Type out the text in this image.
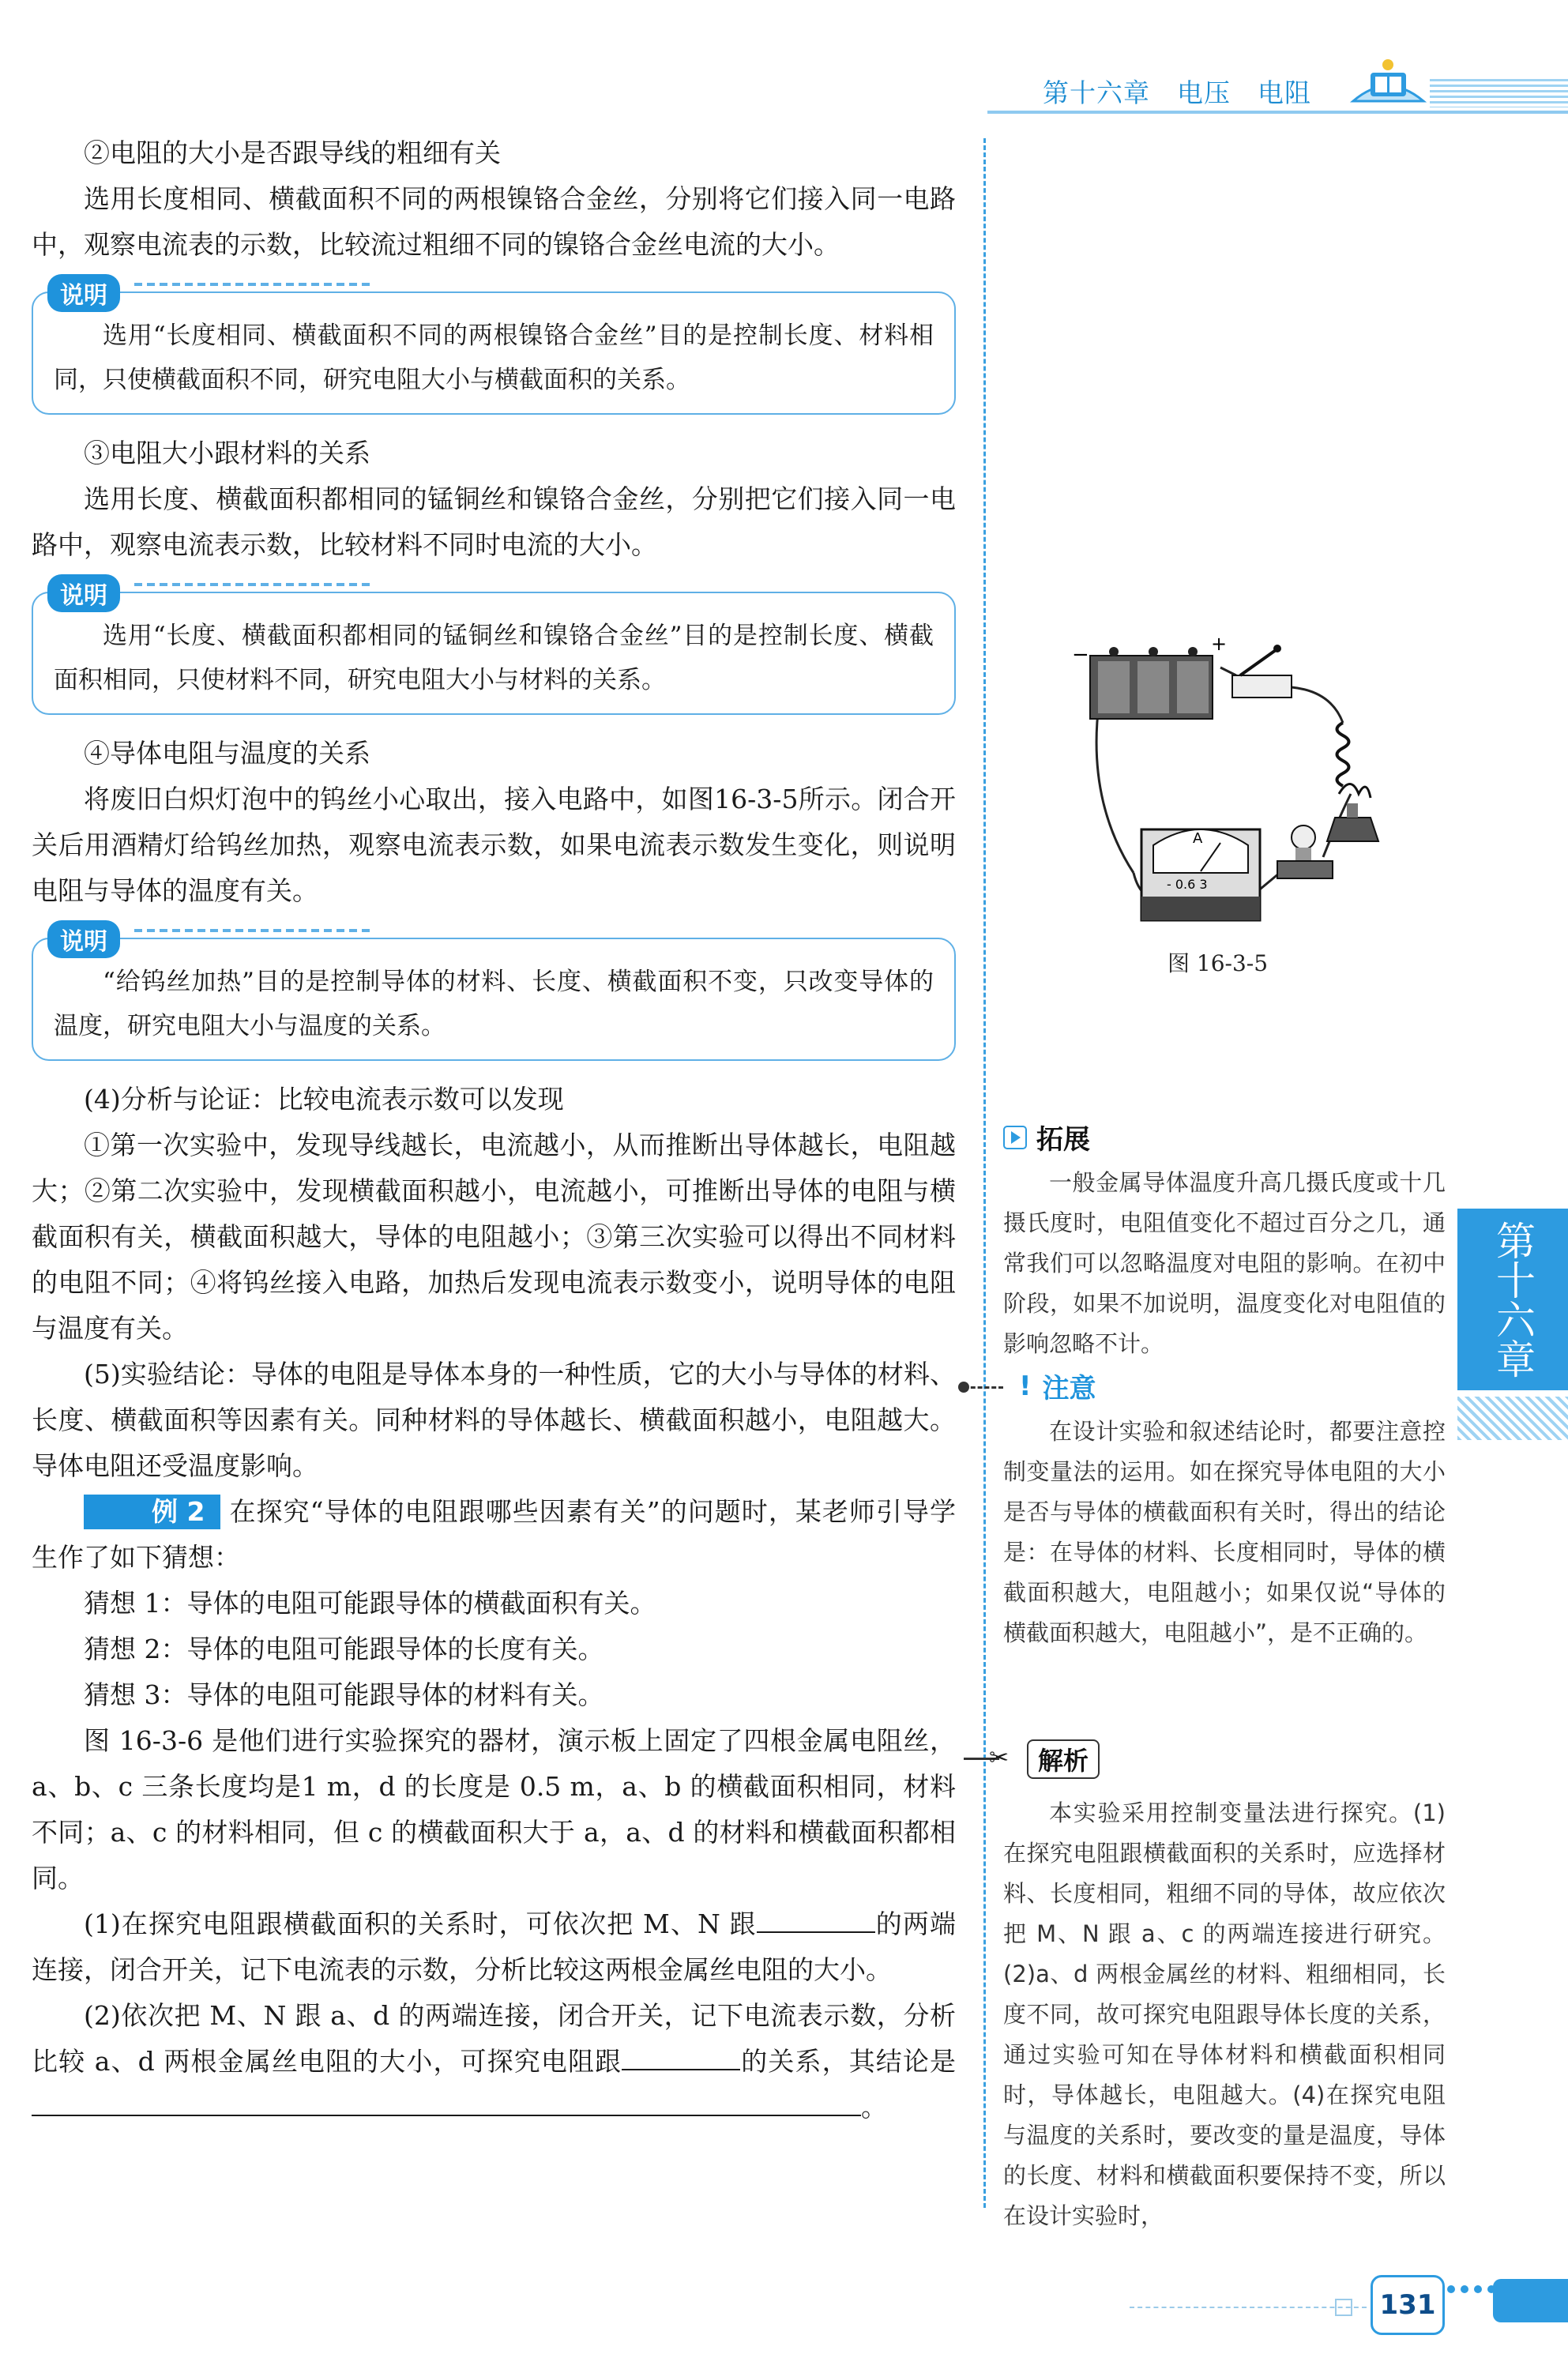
第十六章　电压　电阻

②电阻的大小是否跟导线的粗细有关

选用长度相同、横截面积不同的两根镍铬合金丝，分别将它们接入同一电路中，观察电流表的示数，比较流过粗细不同的镍铬合金丝电流的大小。

说明

选用“长度相同、横截面积不同的两根镍铬合金丝”目的是控制长度、材料相同，只使横截面积不同，研究电阻大小与横截面积的关系。

③电阻大小跟材料的关系

选用长度、横截面积都相同的锰铜丝和镍铬合金丝，分别把它们接入同一电路中，观察电流表示数，比较材料不同时电流的大小。

说明

选用“长度、横截面积都相同的锰铜丝和镍铬合金丝”目的是控制长度、横截面积相同，只使材料不同，研究电阻大小与材料的关系。

④导体电阻与温度的关系

将废旧白炽灯泡中的钨丝小心取出，接入电路中，如图16-3-5所示。闭合开关后用酒精灯给钨丝加热，观察电流表示数，如果电流表示数发生变化，则说明电阻与导体的温度有关。

说明

“给钨丝加热”目的是控制导体的材料、长度、横截面积不变，只改变导体的温度，研究电阻大小与温度的关系。

(4)分析与论证：比较电流表示数可以发现

①第一次实验中，发现导线越长，电流越小，从而推断出导体越长，电阻越大；②第二次实验中，发现横截面积越小，电流越小，可推断出导体的电阻与横截面积有关，横截面积越大，导体的电阻越小；③第三次实验可以得出不同材料的电阻不同；④将钨丝接入电路，加热后发现电流表示数变小，说明导体的电阻与温度有关。

(5)实验结论：导体的电阻是导体本身的一种性质，它的大小与导体的材料、长度、横截面积等因素有关。同种材料的导体越长、横截面积越小，电阻越大。导体电阻还受温度影响。

例 2 在探究“导体的电阻跟哪些因素有关”的问题时，某老师引导学生作了如下猜想：

猜想 1：导体的电阻可能跟导体的横截面积有关。

猜想 2：导体的电阻可能跟导体的长度有关。

猜想 3：导体的电阻可能跟导体的材料有关。

图 16-3-6 是他们进行实验探究的器材，演示板上固定了四根金属电阻丝，a、b、c 三条长度均是1 m，d 的长度是 0.5 m，a、b 的横截面积相同，材料不同；a、c 的材料相同，但 c 的横截面积大于 a，a、d 的材料和横截面积都相同。

(1)在探究电阻跟横截面积的关系时，可依次把 M、N 跟	的两端连接，闭合开关，记下电流表的示数，分析比较这两根金属丝电阻的大小。

(2)依次把 M、N 跟 a、d 的两端连接，闭合开关，记下电流表示数，分析比较 a、d 两根金属丝电阻的大小，可探究电阻跟	的关系，其结论是。

−	+
A
- 0.6 3
图 16-3-5

拓展

一般金属导体温度升高几摄氏度或十几摄氏度时，电阻值变化不超过百分之几，通常我们可以忽略温度对电阻的影响。在初中阶段，如果不加说明，温度变化对电阻值的影响忽略不计。

! 注意

在设计实验和叙述结论时，都要注意控制变量法的运用。如在探究导体电阻的大小是否与导体的横截面积有关时，得出的结论是：在导体的材料、长度相同时，导体的横截面积越大，电阻越小；如果仅说“导体的横截面积越大，电阻越小”，是不正确的。

✂	解析

本实验采用控制变量法进行探究。(1)在探究电阻跟横截面积的关系时，应选择材料、长度相同，粗细不同的导体，故应依次把 M、N 跟 a、c 的两端连接进行研究。(2)a、d 两根金属丝的材料、粗细相同，长度不同，故可探究电阻跟导体长度的关系，通过实验可知在导体材料和横截面积相同时，导体越长，电阻越大。(4)在探究电阻与温度的关系时，要改变的量是温度，导体的长度、材料和横截面积要保持不变，所以在设计实验时，

第十六章
131
